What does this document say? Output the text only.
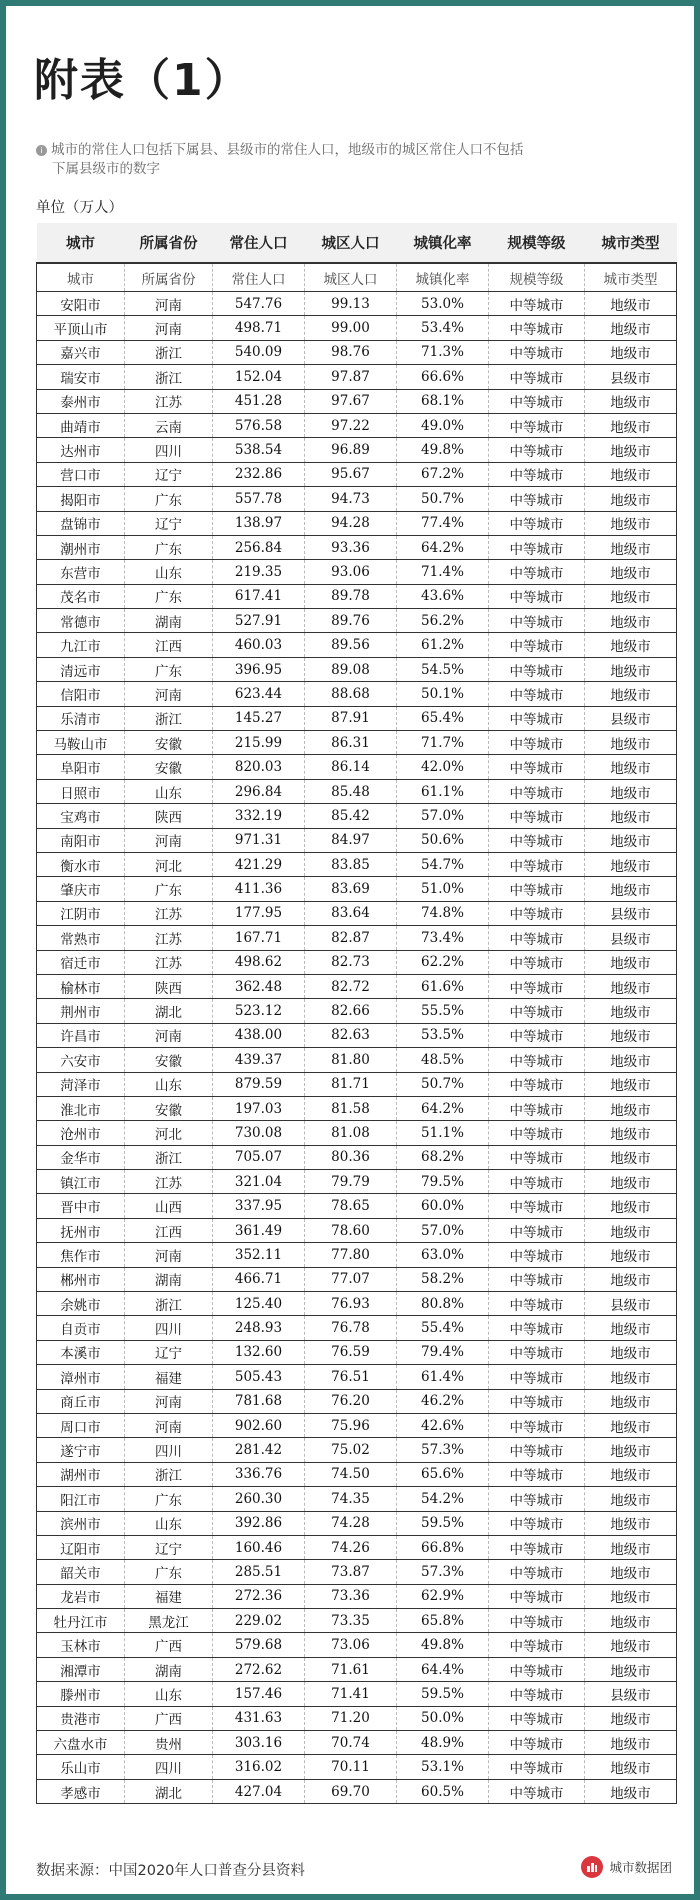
附表（1）
i 城市的常住人口包括下属县、县级市的常住人口，地级市的城区常住人口不包括
下属县级市的数字
单位（万人）
城市	所属省份	常住人口	城区人口	城镇化率	规模等级	城市类型
城市	所属省份	常住人口	城区人口	城镇化率	规模等级	城市类型
安阳市	河南	547.76	99.13	53.0%	中等城市	地级市
平顶山市	河南	498.71	99.00	53.4%	中等城市	地级市
嘉兴市	浙江	540.09	98.76	71.3%	中等城市	地级市
瑞安市	浙江	152.04	97.87	66.6%	中等城市	县级市
泰州市	江苏	451.28	97.67	68.1%	中等城市	地级市
曲靖市	云南	576.58	97.22	49.0%	中等城市	地级市
达州市	四川	538.54	96.89	49.8%	中等城市	地级市
营口市	辽宁	232.86	95.67	67.2%	中等城市	地级市
揭阳市	广东	557.78	94.73	50.7%	中等城市	地级市
盘锦市	辽宁	138.97	94.28	77.4%	中等城市	地级市
潮州市	广东	256.84	93.36	64.2%	中等城市	地级市
东营市	山东	219.35	93.06	71.4%	中等城市	地级市
茂名市	广东	617.41	89.78	43.6%	中等城市	地级市
常德市	湖南	527.91	89.76	56.2%	中等城市	地级市
九江市	江西	460.03	89.56	61.2%	中等城市	地级市
清远市	广东	396.95	89.08	54.5%	中等城市	地级市
信阳市	河南	623.44	88.68	50.1%	中等城市	地级市
乐清市	浙江	145.27	87.91	65.4%	中等城市	县级市
马鞍山市	安徽	215.99	86.31	71.7%	中等城市	地级市
阜阳市	安徽	820.03	86.14	42.0%	中等城市	地级市
日照市	山东	296.84	85.48	61.1%	中等城市	地级市
宝鸡市	陕西	332.19	85.42	57.0%	中等城市	地级市
南阳市	河南	971.31	84.97	50.6%	中等城市	地级市
衡水市	河北	421.29	83.85	54.7%	中等城市	地级市
肇庆市	广东	411.36	83.69	51.0%	中等城市	地级市
江阴市	江苏	177.95	83.64	74.8%	中等城市	县级市
常熟市	江苏	167.71	82.87	73.4%	中等城市	县级市
宿迁市	江苏	498.62	82.73	62.2%	中等城市	地级市
榆林市	陕西	362.48	82.72	61.6%	中等城市	地级市
荆州市	湖北	523.12	82.66	55.5%	中等城市	地级市
许昌市	河南	438.00	82.63	53.5%	中等城市	地级市
六安市	安徽	439.37	81.80	48.5%	中等城市	地级市
菏泽市	山东	879.59	81.71	50.7%	中等城市	地级市
淮北市	安徽	197.03	81.58	64.2%	中等城市	地级市
沧州市	河北	730.08	81.08	51.1%	中等城市	地级市
金华市	浙江	705.07	80.36	68.2%	中等城市	地级市
镇江市	江苏	321.04	79.79	79.5%	中等城市	地级市
晋中市	山西	337.95	78.65	60.0%	中等城市	地级市
抚州市	江西	361.49	78.60	57.0%	中等城市	地级市
焦作市	河南	352.11	77.80	63.0%	中等城市	地级市
郴州市	湖南	466.71	77.07	58.2%	中等城市	地级市
余姚市	浙江	125.40	76.93	80.8%	中等城市	县级市
自贡市	四川	248.93	76.78	55.4%	中等城市	地级市
本溪市	辽宁	132.60	76.59	79.4%	中等城市	地级市
漳州市	福建	505.43	76.51	61.4%	中等城市	地级市
商丘市	河南	781.68	76.20	46.2%	中等城市	地级市
周口市	河南	902.60	75.96	42.6%	中等城市	地级市
遂宁市	四川	281.42	75.02	57.3%	中等城市	地级市
湖州市	浙江	336.76	74.50	65.6%	中等城市	地级市
阳江市	广东	260.30	74.35	54.2%	中等城市	地级市
滨州市	山东	392.86	74.28	59.5%	中等城市	地级市
辽阳市	辽宁	160.46	74.26	66.8%	中等城市	地级市
韶关市	广东	285.51	73.87	57.3%	中等城市	地级市
龙岩市	福建	272.36	73.36	62.9%	中等城市	地级市
牡丹江市	黑龙江	229.02	73.35	65.8%	中等城市	地级市
玉林市	广西	579.68	73.06	49.8%	中等城市	地级市
湘潭市	湖南	272.62	71.61	64.4%	中等城市	地级市
滕州市	山东	157.46	71.41	59.5%	中等城市	县级市
贵港市	广西	431.63	71.20	50.0%	中等城市	地级市
六盘水市	贵州	303.16	70.74	48.9%	中等城市	地级市
乐山市	四川	316.02	70.11	53.1%	中等城市	地级市
孝感市	湖北	427.04	69.70	60.5%	中等城市	地级市
数据来源：中国2020年人口普查分县资料	城市数据团
